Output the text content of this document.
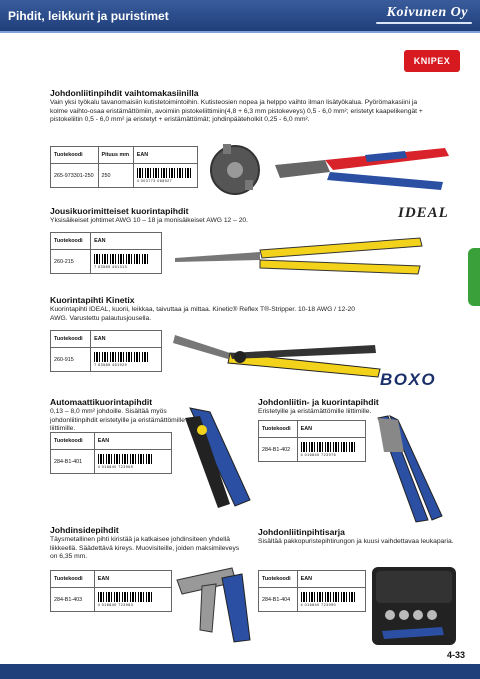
Pihdit, leikkurit ja puristimet	Koivunen Oy
KNIPEX
IDEAL
BOXO
Johdonliitinpihdit vaihtomakasiinilla
Vain yksi työkalu tavanomaisiin kutistetoimintoihin. Kutisteosien nopea ja helppo vaihto ilman lisätyökalua. Pyörömakasiini ja kolme vaihto-osaa eristämättömiin, avoimiin pistokeliittimiin(4,8 + 6,3 mm pistokeveys) 0,5 - 6,0 mm²; eristetyt kaapelikengät + pistokeliitin 0,5 - 6,0 mm² ja eristetyt + eristämättömät; johdinpääteholkit 0,25 - 6,0 mm².
Tuotekoodi	Pituus mm	EAN
265-973301-250	250	4 003773 068927
Jousikuorimitteiset kuorintapihdit
Yksisäikeiset johtimet AWG 10 – 18 ja monisäikeiset AWG 12 – 20.
Tuotekoodi	EAN
260-215	7 83585 451313
Kuorintapihti Kinetix
Kuorintapihti IDEAL, kuorii, leikkaa, taivuttaa ja mittaa. Kinetic® Reflex T®-Stripper. 10-18 AWG / 12-20 AWG. Varustettu palautusjousella.
Tuotekoodi	EAN
260-915	7 83585 451929
Automaattikuorintapihdit
0,13 – 8,0 mm² johdoille. Sisältää myös johdonliitinpihdit eristetyille ja eristämättömille liittimille.
Tuotekoodi	EAN
284-B1-401	4 016840 723969
Johdonliitin- ja kuorintapihdit
Eristetyille ja eristämättömille liittimille.
Tuotekoodi	EAN
284-B1-402	4 016840 723976
Johdinsidepihdit
Täysmetallinen pihti kiristää ja katkaisee johdinsiteen yhdellä liikkeellä. Säädettävä kireys. Muovisiteille, joiden maksimileveys on 6,35 mm.
Tuotekoodi	EAN
284-B1-403	4 016840 723983
Johdonliitinpihtisarja
Sisältää pakkopuristepihtirungon ja kuusi vaihdettavaa leukaparia.
Tuotekoodi	EAN
284-B1-404	4 016840 723990
4-33
